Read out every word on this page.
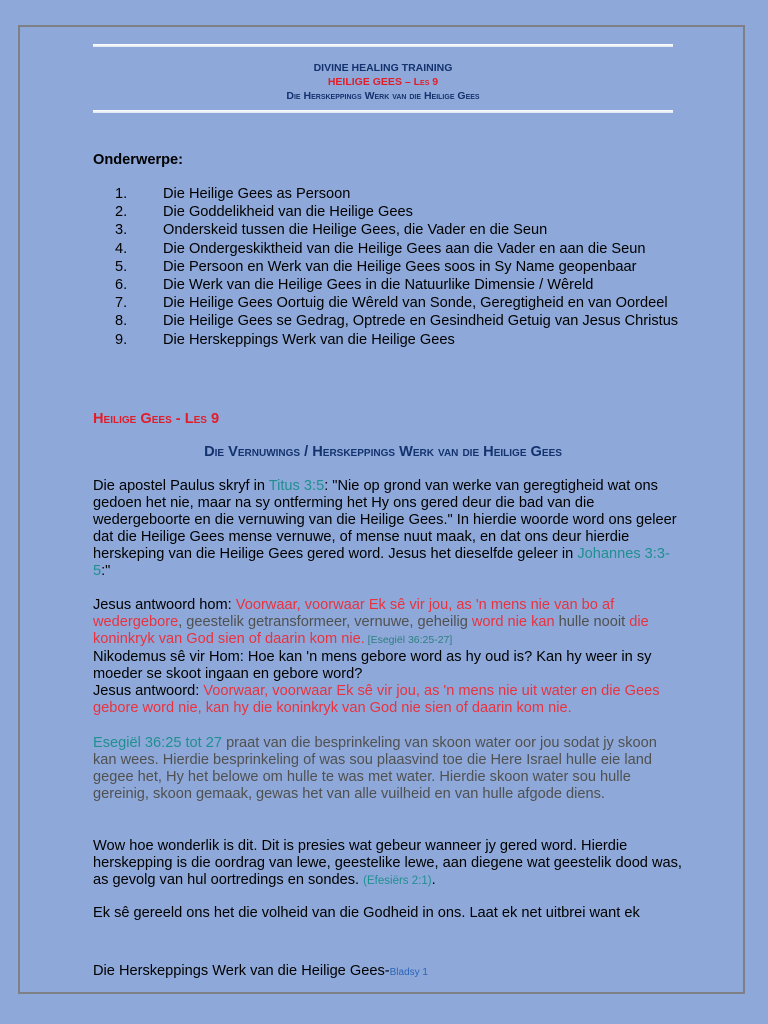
DIVINE HEALING TRAINING
HEILIGE GEES – Les 9
Die Herskeppings Werk van die Heilige Gees
Onderwerpe:
1.	Die Heilige Gees as Persoon
2.	Die Goddelikheid van die Heilige Gees
3.	Onderskeid tussen die Heilige Gees, die Vader en die Seun
4.	Die Ondergeskiktheid van die Heilige Gees aan die Vader en aan die Seun
5.	Die Persoon en Werk van die Heilige Gees soos in Sy Name geopenbaar
6.	Die Werk van die Heilige Gees in die Natuurlike Dimensie / Wêreld
7.	Die Heilige Gees Oortuig die Wêreld van Sonde, Geregtigheid en van Oordeel
8.	Die Heilige Gees se Gedrag, Optrede en Gesindheid Getuig van Jesus Christus
9.	Die Herskeppings Werk van die Heilige Gees
Heilige Gees - Les 9
Die Vernuwings / Herskeppings Werk van die Heilige Gees
Die apostel Paulus skryf in Titus 3:5: "Nie op grond van werke van geregtigheid wat ons gedoen het nie, maar na sy ontferming het Hy ons gered deur die bad van die wedergeboorte en die vernuwing van die Heilige Gees." In hierdie woorde word ons geleer dat die Heilige Gees mense vernuwe, of mense nuut maak, en dat ons deur hierdie herskeping van die Heilige Gees gered word. Jesus het dieselfde geleer in Johannes 3:3-5:"
Jesus antwoord hom: Voorwaar, voorwaar Ek sê vir jou, as 'n mens nie van bo af wedergebore, geestelik getransformeer, vernuwe, geheilig word nie kan hulle nooit die koninkryk van God sien of daarin kom nie. [Esegiël 36:25-27]
Nikodemus sê vir Hom: Hoe kan 'n mens gebore word as hy oud is? Kan hy weer in sy moeder se skoot ingaan en gebore word?
Jesus antwoord: Voorwaar, voorwaar Ek sê vir jou, as 'n mens nie uit water en die Gees gebore word nie, kan hy die koninkryk van God nie sien of daarin kom nie.
Esegiël 36:25 tot 27 praat van die besprinkeling van skoon water oor jou sodat jy skoon kan wees. Hierdie besprinkeling of was sou plaasvind toe die Here Israel hulle eie land gegee het, Hy het belowe om hulle te was met water. Hierdie skoon water sou hulle gereinig, skoon gemaak, gewas het van alle vuilheid en van hulle afgode diens.
Wow hoe wonderlik is dit. Dit is presies wat gebeur wanneer jy gered word. Hierdie herskepping is die oordrag van lewe, geestelike lewe, aan diegene wat geestelik dood was, as gevolg van hul oortredings en sondes. (Efesiërs 2:1).
Ek sê gereeld ons het die volheid van die Godheid in ons. Laat ek net uitbrei want ek
Die Herskeppings Werk van die Heilige Gees-Bladsy 1
